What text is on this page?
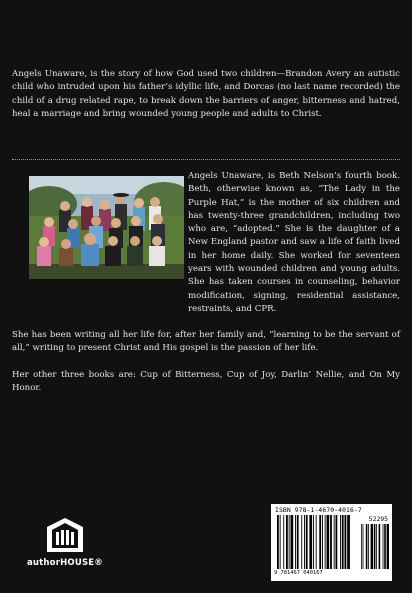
Angels Unaware, is the story of how God used two children—Brandon Avery an autistic child who intruded upon his father’s idyllic life, and Dorcas (no last name recorded) the child of a drug related rape, to break down the barriers of anger, bitterness and hatred, heal a marriage and bring wounded young people and adults to Christ.
Angels Unaware, is Beth Nelson’s fourth book. Beth, otherwise known as, “The Lady in the Purple Hat,” is the mother of six children and has twenty-three grandchildren, including two who are, “adopted.” She is the daughter of a New England pastor and saw a life of faith lived in her home daily. She worked for seventeen years with wounded children and young adults. She has taken courses in counseling, behavior modification, signing, residential assistance, restraints, and CPR.
She has been writing all her life for, after her family and, “learning to be the servant of all,” writing to present Christ and His gospel is the passion of her life.
Her other three books are: Cup of Bitterness, Cup of Joy, Darlin’ Nellie, and On My Honor.
authorHOUSE®
ISBN 978-1-4670-4016-7
52295
9 781467 040167
